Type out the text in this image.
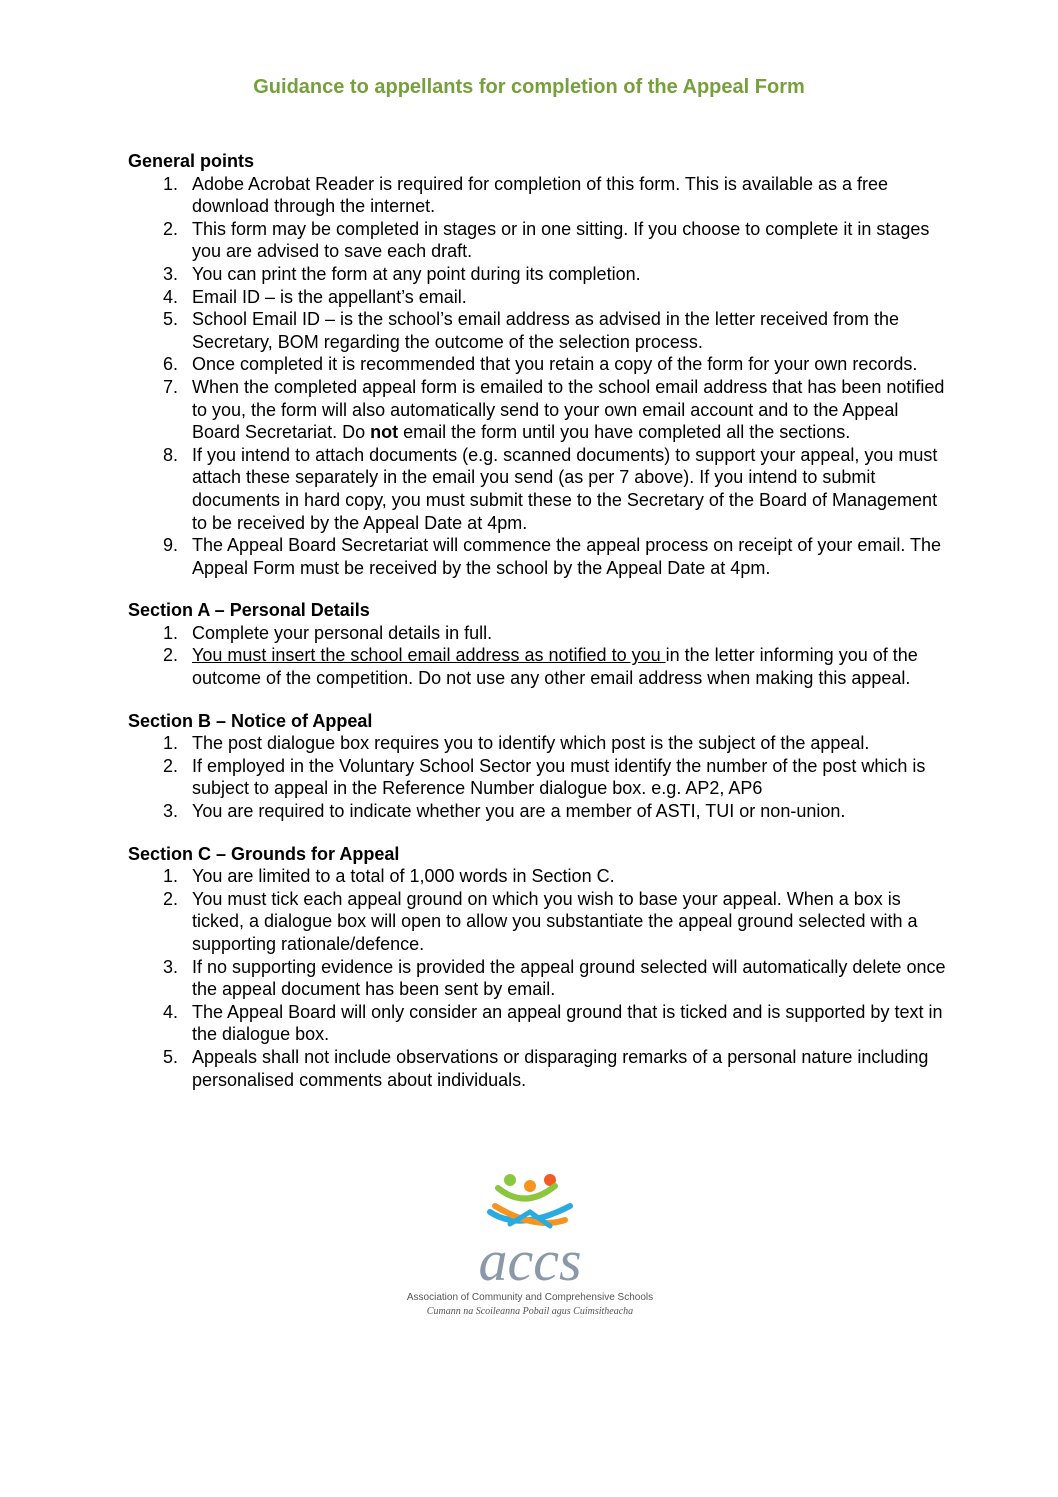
Guidance to appellants for completion of the Appeal Form
General points
1. Adobe Acrobat Reader is required for completion of this form. This is available as a free download through the internet.
2. This form may be completed in stages or in one sitting. If you choose to complete it in stages you are advised to save each draft.
3. You can print the form at any point during its completion.
4. Email ID – is the appellant’s email.
5. School Email ID – is the school’s email address as advised in the letter received from the Secretary, BOM regarding the outcome of the selection process.
6. Once completed it is recommended that you retain a copy of the form for your own records.
7. When the completed appeal form is emailed to the school email address that has been notified to you, the form will also automatically send to your own email account and to the Appeal Board Secretariat. Do not email the form until you have completed all the sections.
8. If you intend to attach documents (e.g. scanned documents) to support your appeal, you must attach these separately in the email you send (as per 7 above). If you intend to submit documents in hard copy, you must submit these to the Secretary of the Board of Management to be received by the Appeal Date at 4pm.
9. The Appeal Board Secretariat will commence the appeal process on receipt of your email. The Appeal Form must be received by the school by the Appeal Date at 4pm.
Section A – Personal Details
1. Complete your personal details in full.
2. You must insert the school email address as notified to you in the letter informing you of the outcome of the competition. Do not use any other email address when making this appeal.
Section B – Notice of Appeal
1. The post dialogue box requires you to identify which post is the subject of the appeal.
2. If employed in the Voluntary School Sector you must identify the number of the post which is subject to appeal in the Reference Number dialogue box. e.g. AP2, AP6
3. You are required to indicate whether you are a member of ASTI, TUI or non-union.
Section C – Grounds for Appeal
1. You are limited to a total of 1,000 words in Section C.
2. You must tick each appeal ground on which you wish to base your appeal. When a box is ticked, a dialogue box will open to allow you substantiate the appeal ground selected with a supporting rationale/defence.
3. If no supporting evidence is provided the appeal ground selected will automatically delete once the appeal document has been sent by email.
4. The Appeal Board will only consider an appeal ground that is ticked and is supported by text in the dialogue box.
5. Appeals shall not include observations or disparaging remarks of a personal nature including personalised comments about individuals.
accs
Association of Community and Comprehensive Schools
Cumann na Scoileanna Pobail agus Cuimsitheacha
